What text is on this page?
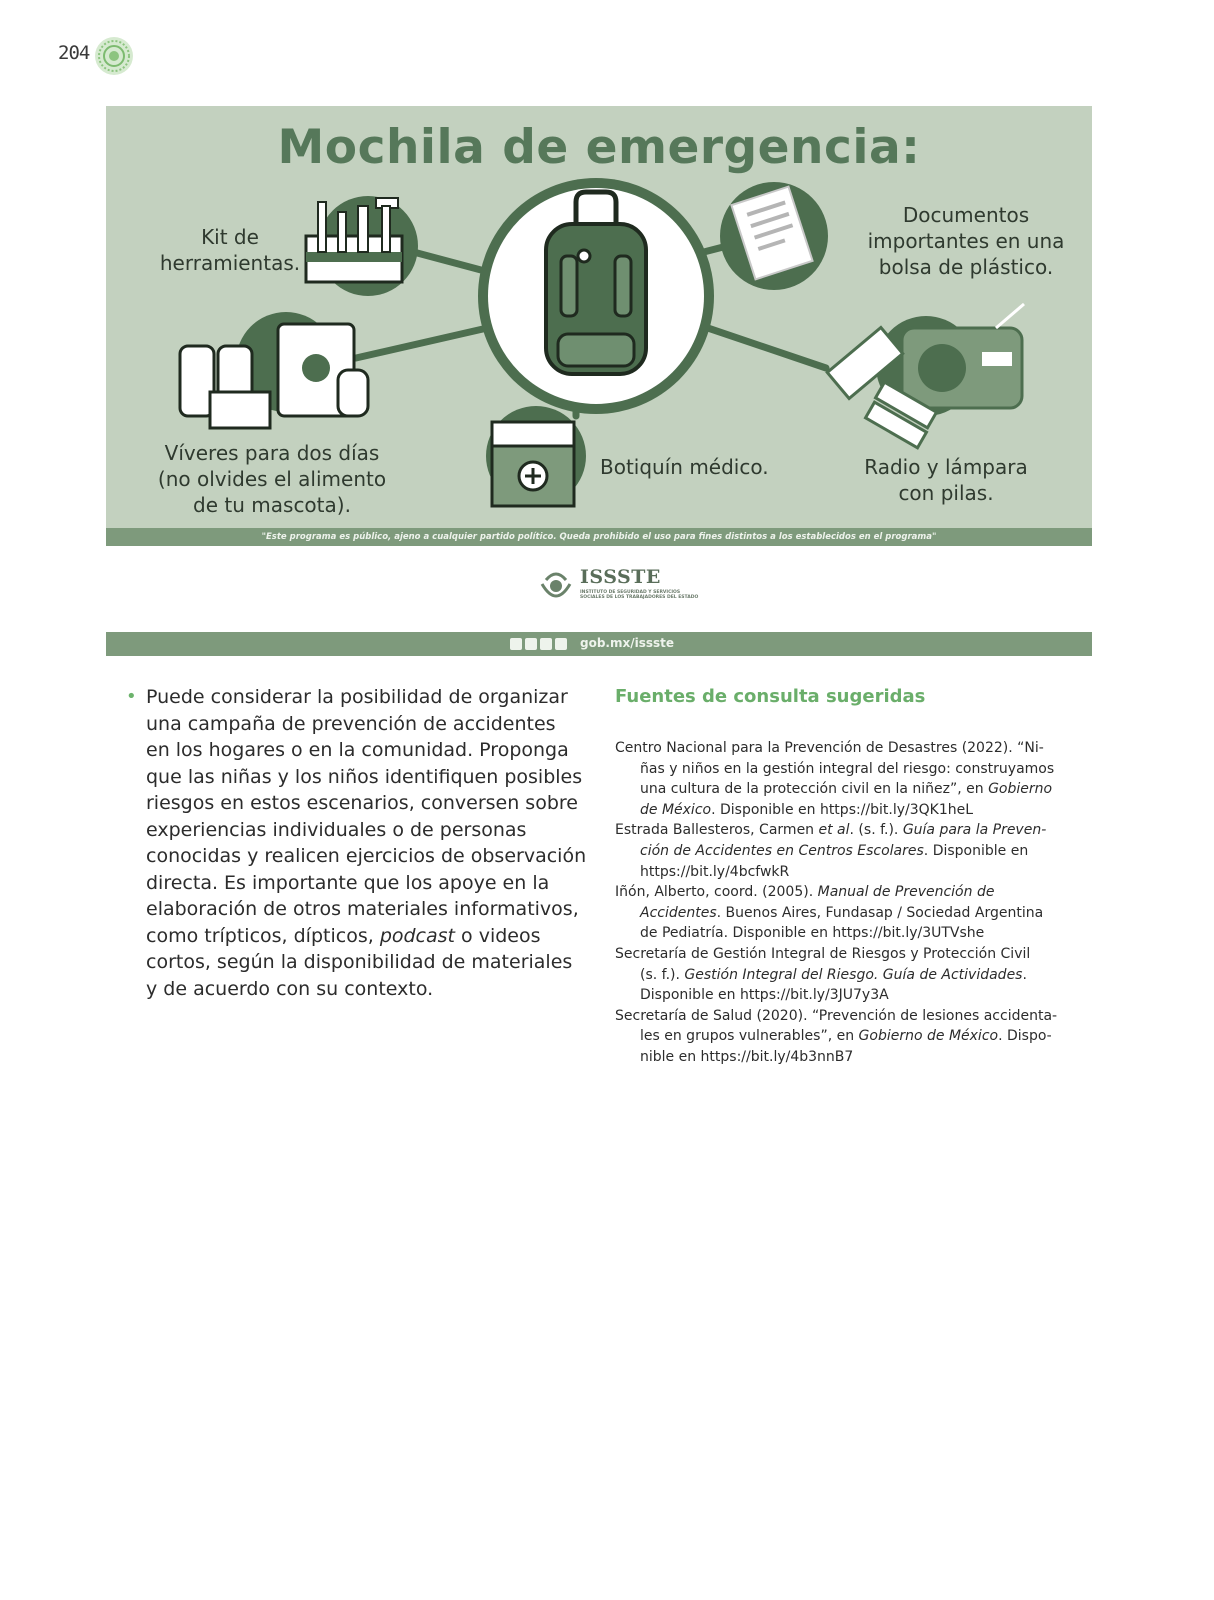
204
Mochila de emergencia:
Kit de
herramientas.
Documentos
importantes en una
bolsa de plástico.
Víveres para dos días
(no olvides el alimento
de tu mascota).
Botiquín médico.	Radio y lámpara
con pilas.
"Este programa es público, ajeno a cualquier partido político. Queda prohibido el uso para fines distintos a los establecidos en el programa"
ISSSTE
INSTITUTO DE SEGURIDAD Y SERVICIOS SOCIALES DE LOS TRABAJADORES DEL ESTADO
gob.mx/issste
• Puede considerar la posibilidad de organizar
una campaña de prevención de accidentes
en los hogares o en la comunidad. Proponga
que las niñas y los niños identifiquen posibles
riesgos en estos escenarios, conversen sobre
experiencias individuales o de personas
conocidas y realicen ejercicios de observación
directa. Es importante que los apoye en la
elaboración de otros materiales informativos,
como trípticos, dípticos, podcast o videos
cortos, según la disponibilidad de materiales
y de acuerdo con su contexto.
Fuentes de consulta sugeridas
Centro Nacional para la Prevención de Desastres (2022). “Ni-
ñas y niños en la gestión integral del riesgo: construyamos
una cultura de la protección civil en la niñez”, en Gobierno
de México. Disponible en https://bit.ly/3QK1heL
Estrada Ballesteros, Carmen et al. (s. f.). Guía para la Preven-
ción de Accidentes en Centros Escolares. Disponible en
https://bit.ly/4bcfwkR
Iñón, Alberto, coord. (2005). Manual de Prevención de
Accidentes. Buenos Aires, Fundasap / Sociedad Argentina
de Pediatría. Disponible en https://bit.ly/3UTVshe
Secretaría de Gestión Integral de Riesgos y Protección Civil
(s. f.). Gestión Integral del Riesgo. Guía de Actividades.
Disponible en https://bit.ly/3JU7y3A
Secretaría de Salud (2020). “Prevención de lesiones accidenta-
les en grupos vulnerables”, en Gobierno de México. Dispo-
nible en https://bit.ly/4b3nnB7
